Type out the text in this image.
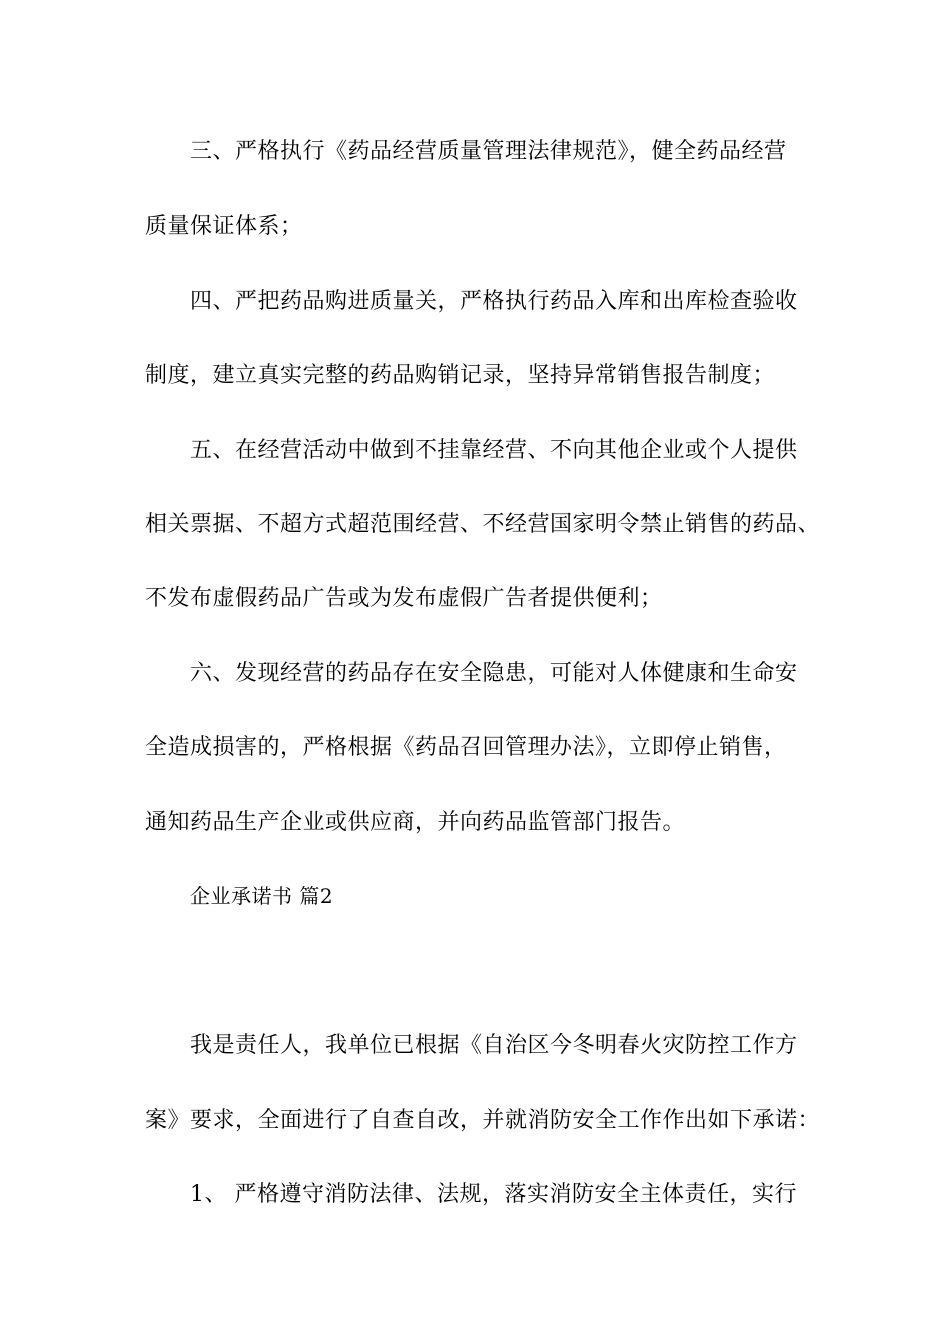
三、严格执行《药品经营质量管理法律规范》，健全药品经营
质量保证体系；
四、严把药品购进质量关，严格执行药品入库和出库检查验收
制度，建立真实完整的药品购销记录，坚持异常销售报告制度；
五、在经营活动中做到不挂靠经营、不向其他企业或个人提供
相关票据、不超方式超范围经营、不经营国家明令禁止销售的药品、
不发布虚假药品广告或为发布虚假广告者提供便利；
六、发现经营的药品存在安全隐患，可能对人体健康和生命安
全造成损害的，严格根据《药品召回管理办法》，立即停止销售，
通知药品生产企业或供应商，并向药品监管部门报告。
企业承诺书 篇2
我是责任人，我单位已根据《自治区今冬明春火灾防控工作方
案》要求，全面进行了自查自改，并就消防安全工作作出如下承诺：
1、 严格遵守消防法律、法规，落实消防安全主体责任，实行
